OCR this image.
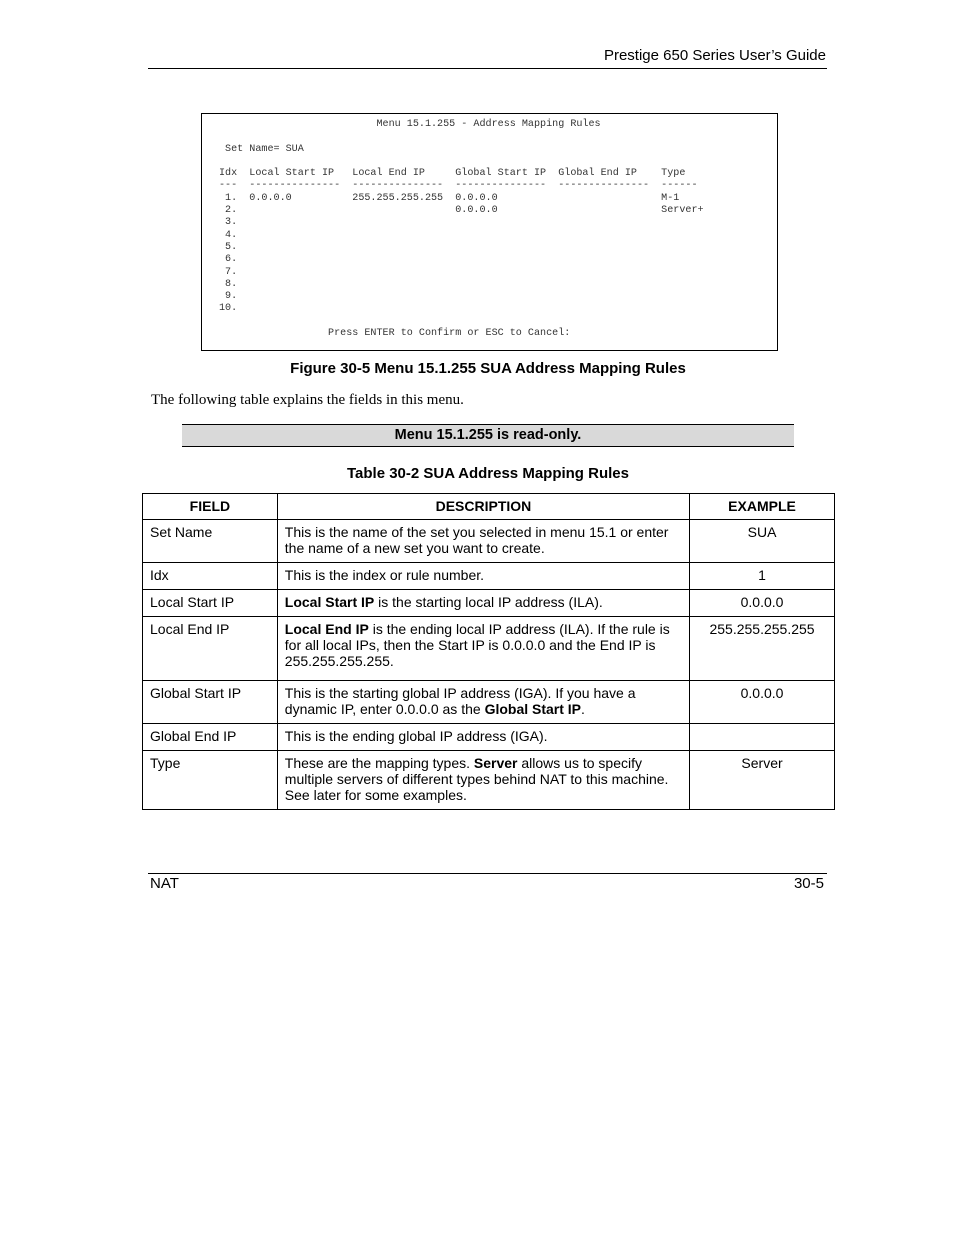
Prestige 650 Series User’s Guide
Menu 15.1.255 - Address Mapping Rules

Set Name= SUA

Idx  Local Start IP   Local End IP     Global Start IP  Global End IP    Type
---  ---------------  ---------------  ---------------  ---------------  ------
1.  0.0.0.0          255.255.255.255  0.0.0.0                           M-1
2.                                    0.0.0.0                           Server+
3.
4.
5.
6.
7.
8.
9.
10.

Press ENTER to Confirm or ESC to Cancel:
Figure 30-5 Menu 15.1.255 SUA Address Mapping Rules
The following table explains the fields in this menu.
Menu 15.1.255 is read-only.
Table 30-2 SUA Address Mapping Rules
FIELD	DESCRIPTION	EXAMPLE
Set Name	This is the name of the set you selected in menu 15.1 or enter the name of a new set you want to create.	SUA
Idx	This is the index or rule number.	1
Local Start IP	Local Start IP is the starting local IP address (ILA).	0.0.0.0
Local End IP	Local End IP is the ending local IP address (ILA). If the rule is for all local IPs, then the Start IP is 0.0.0.0 and the End IP is 255.255.255.255.	255.255.255.255
Global Start IP	This is the starting global IP address (IGA). If you have a dynamic IP, enter 0.0.0.0 as the Global Start IP.	0.0.0.0
Global End IP	This is the ending global IP address (IGA).	
Type	These are the mapping types. Server allows us to specify multiple servers of different types behind NAT to this machine. See later for some examples.	Server
NAT	30-5
